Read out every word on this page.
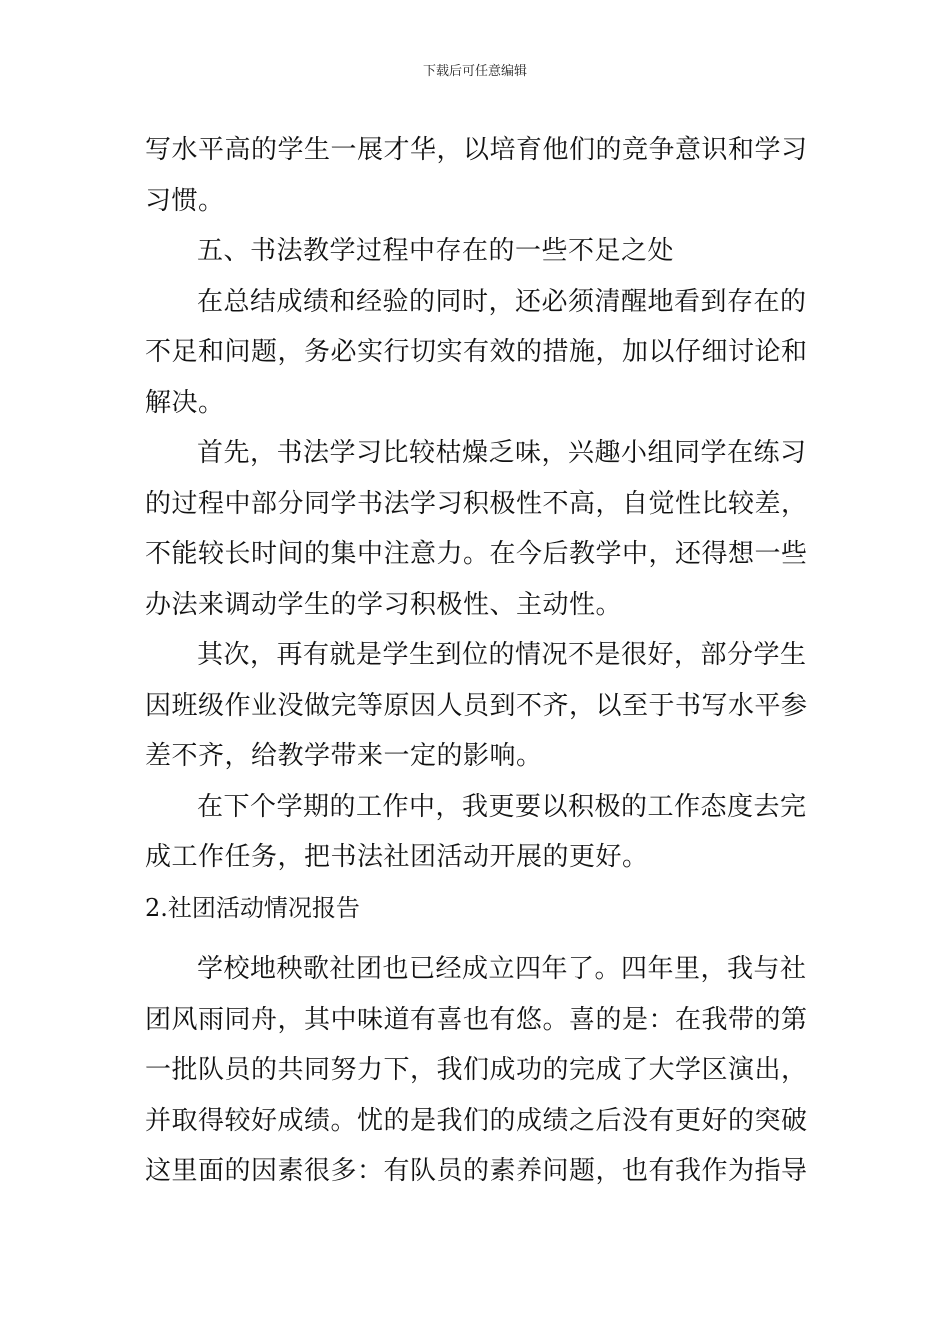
下载后可任意编辑
写水平高的学生一展才华，以培育他们的竞争意识和学习
习惯。
五、书法教学过程中存在的一些不足之处
在总结成绩和经验的同时，还必须清醒地看到存在的
不足和问题，务必实行切实有效的措施，加以仔细讨论和
解决。
首先，书法学习比较枯燥乏味，兴趣小组同学在练习
的过程中部分同学书法学习积极性不高，自觉性比较差，
不能较长时间的集中注意力。在今后教学中，还得想一些
办法来调动学生的学习积极性、主动性。
其次，再有就是学生到位的情况不是很好，部分学生
因班级作业没做完等原因人员到不齐，以至于书写水平参
差不齐，给教学带来一定的影响。
在下个学期的工作中，我更要以积极的工作态度去完
成工作任务，把书法社团活动开展的更好。
2.社团活动情况报告
学校地秧歌社团也已经成立四年了。四年里，我与社
团风雨同舟，其中味道有喜也有悠。喜的是：在我带的第
一批队员的共同努力下，我们成功的完成了大学区演出，
并取得较好成绩。忧的是我们的成绩之后没有更好的突破
这里面的因素很多：有队员的素养问题，也有我作为指导
